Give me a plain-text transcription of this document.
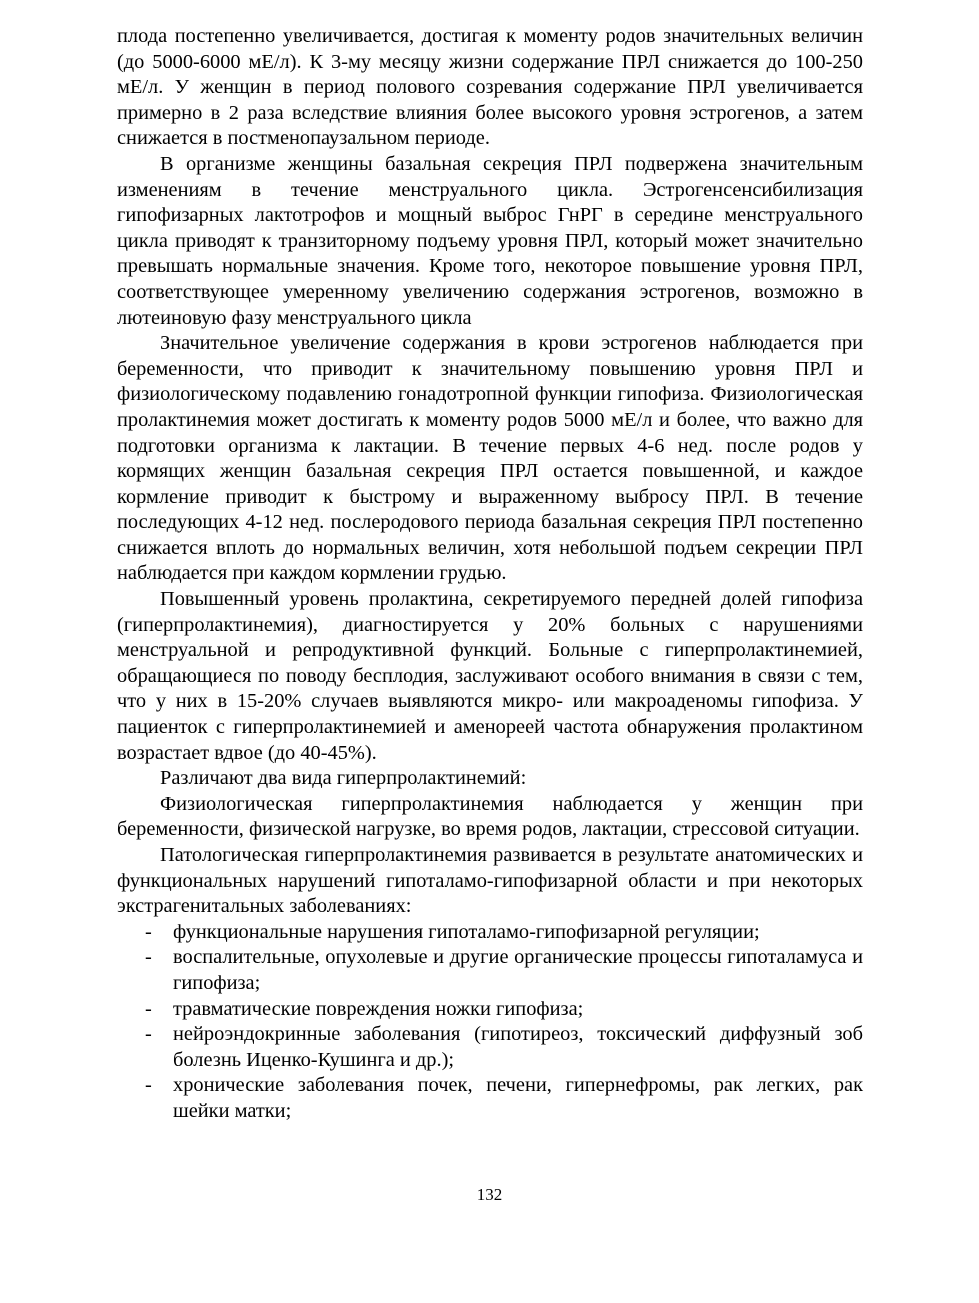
плода постепенно увеличивается, достигая к моменту родов значительных величин (до 5000-6000 мЕ/л). К 3-му месяцу жизни содержание ПРЛ снижается до 100-250 мЕ/л. У женщин в период полового созревания содержание ПРЛ увеличивается примерно в 2 раза вследствие влияния более высокого уровня эстрогенов, а затем снижается в постменопаузальном периоде.

В организме женщины базальная секреция ПРЛ подвержена значительным изменениям в течение менструального цикла. Эстрогенсенсибилизация гипофизарных лактотрофов и мощный выброс ГнРГ в середине менструального цикла приводят к транзиторному подъему уровня ПРЛ, который может значительно превышать нормальные значения. Кроме того, некоторое повышение уровня ПРЛ, соответствующее умеренному увеличению содержания эстрогенов, возможно в лютеиновую фазу менструального цикла

Значительное увеличение содержания в крови эстрогенов наблюдается при беременности, что приводит к значительному повышению уровня ПРЛ и физиологическому подавлению гонадотропной функции гипофиза. Физиологическая пролактинемия может достигать к моменту родов 5000 мЕ/л и более, что важно для подготовки организма к лактации. В течение первых 4-6 нед. после родов у кормящих женщин базальная секреция ПРЛ остается повышенной, и каждое кормление приводит к быстрому и выраженному выбросу ПРЛ. В течение последующих 4-12 нед. послеродового периода базальная секреция ПРЛ постепенно снижается вплоть до нормальных величин, хотя небольшой подъем секреции ПРЛ наблюдается при каждом кормлении грудью.

Повышенный уровень пролактина, секретируемого передней долей гипофиза (гиперпролактинемия), диагностируется у 20% больных с нарушениями менструальной и репродуктивной функций. Больные с гиперпролактинемией, обращающиеся по поводу бесплодия, заслуживают особого внимания в связи с тем, что у них в 15-20% случаев выявляются микро- или макроаденомы гипофиза. У пациенток с гиперпролактинемией и аменореей частота обнаружения пролактином возрастает вдвое (до 40-45%).

Различают два вида гиперпролактинемий:

Физиологическая гиперпролактинемия наблюдается у женщин при беременности, физической нагрузке, во время родов, лактации, стрессовой ситуации.

Патологическая гиперпролактинемия развивается в результате анатомических и функциональных нарушений гипоталамо-гипофизарной области и при некоторых экстрагенитальных заболеваниях:

- функциональные нарушения гипоталамо-гипофизарной регуляции;
- воспалительные, опухолевые и другие органические процессы гипоталамуса и гипофиза;
- травматические повреждения ножки гипофиза;
- нейроэндокринные заболевания (гипотиреоз, токсический диффузный зоб болезнь Иценко-Кушинга и др.);
- хронические заболевания почек, печени, гипернефромы, рак легких, рак шейки матки;
132
